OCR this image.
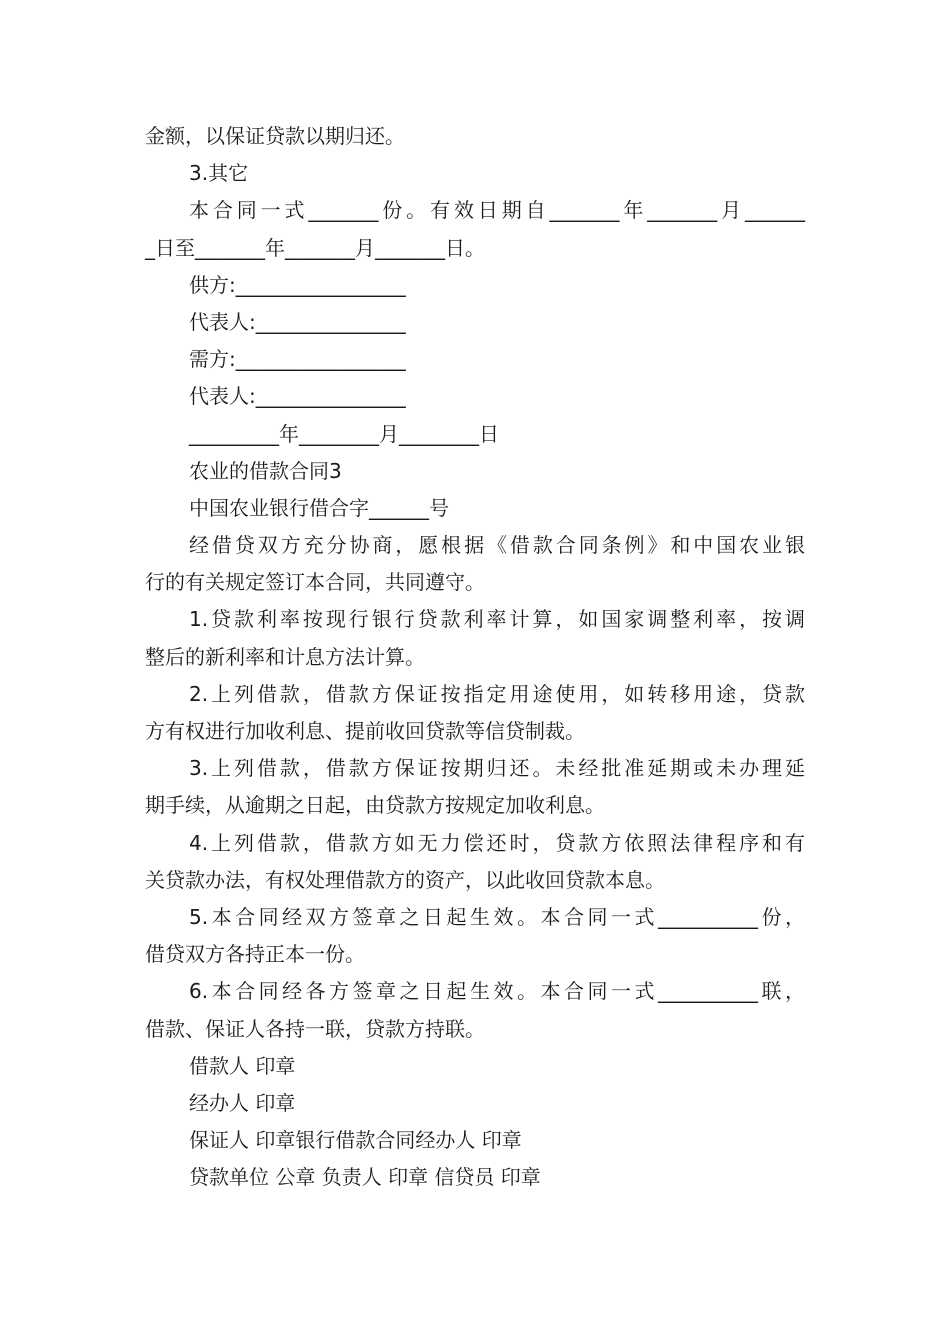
金额，以保证贷款以期归还。

3.其它

本合同一式_______份。有效日期自_______年_______月______

_日至_______年_______月_______日。

供方:_________________

代表人:_______________

需方:_________________

代表人:_______________

_________年________月________日

农业的借款合同3

中国农业银行借合字______号

经借贷双方充分协商，愿根据《借款合同条例》和中国农业银

行的有关规定签订本合同，共同遵守。

1.贷款利率按现行银行贷款利率计算，如国家调整利率，按调

整后的新利率和计息方法计算。

2.上列借款，借款方保证按指定用途使用，如转移用途，贷款

方有权进行加收利息、提前收回贷款等信贷制裁。

3.上列借款，借款方保证按期归还。未经批准延期或未办理延

期手续，从逾期之日起，由贷款方按规定加收利息。

4.上列借款，借款方如无力偿还时，贷款方依照法律程序和有

关贷款办法，有权处理借款方的资产，以此收回贷款本息。

5.本合同经双方签章之日起生效。本合同一式__________份，

借贷双方各持正本一份。

6.本合同经各方签章之日起生效。本合同一式__________联，

借款、保证人各持一联，贷款方持联。

借款人 印章

经办人 印章

保证人 印章银行借款合同经办人 印章

贷款单位 公章 负责人 印章 信贷员 印章
